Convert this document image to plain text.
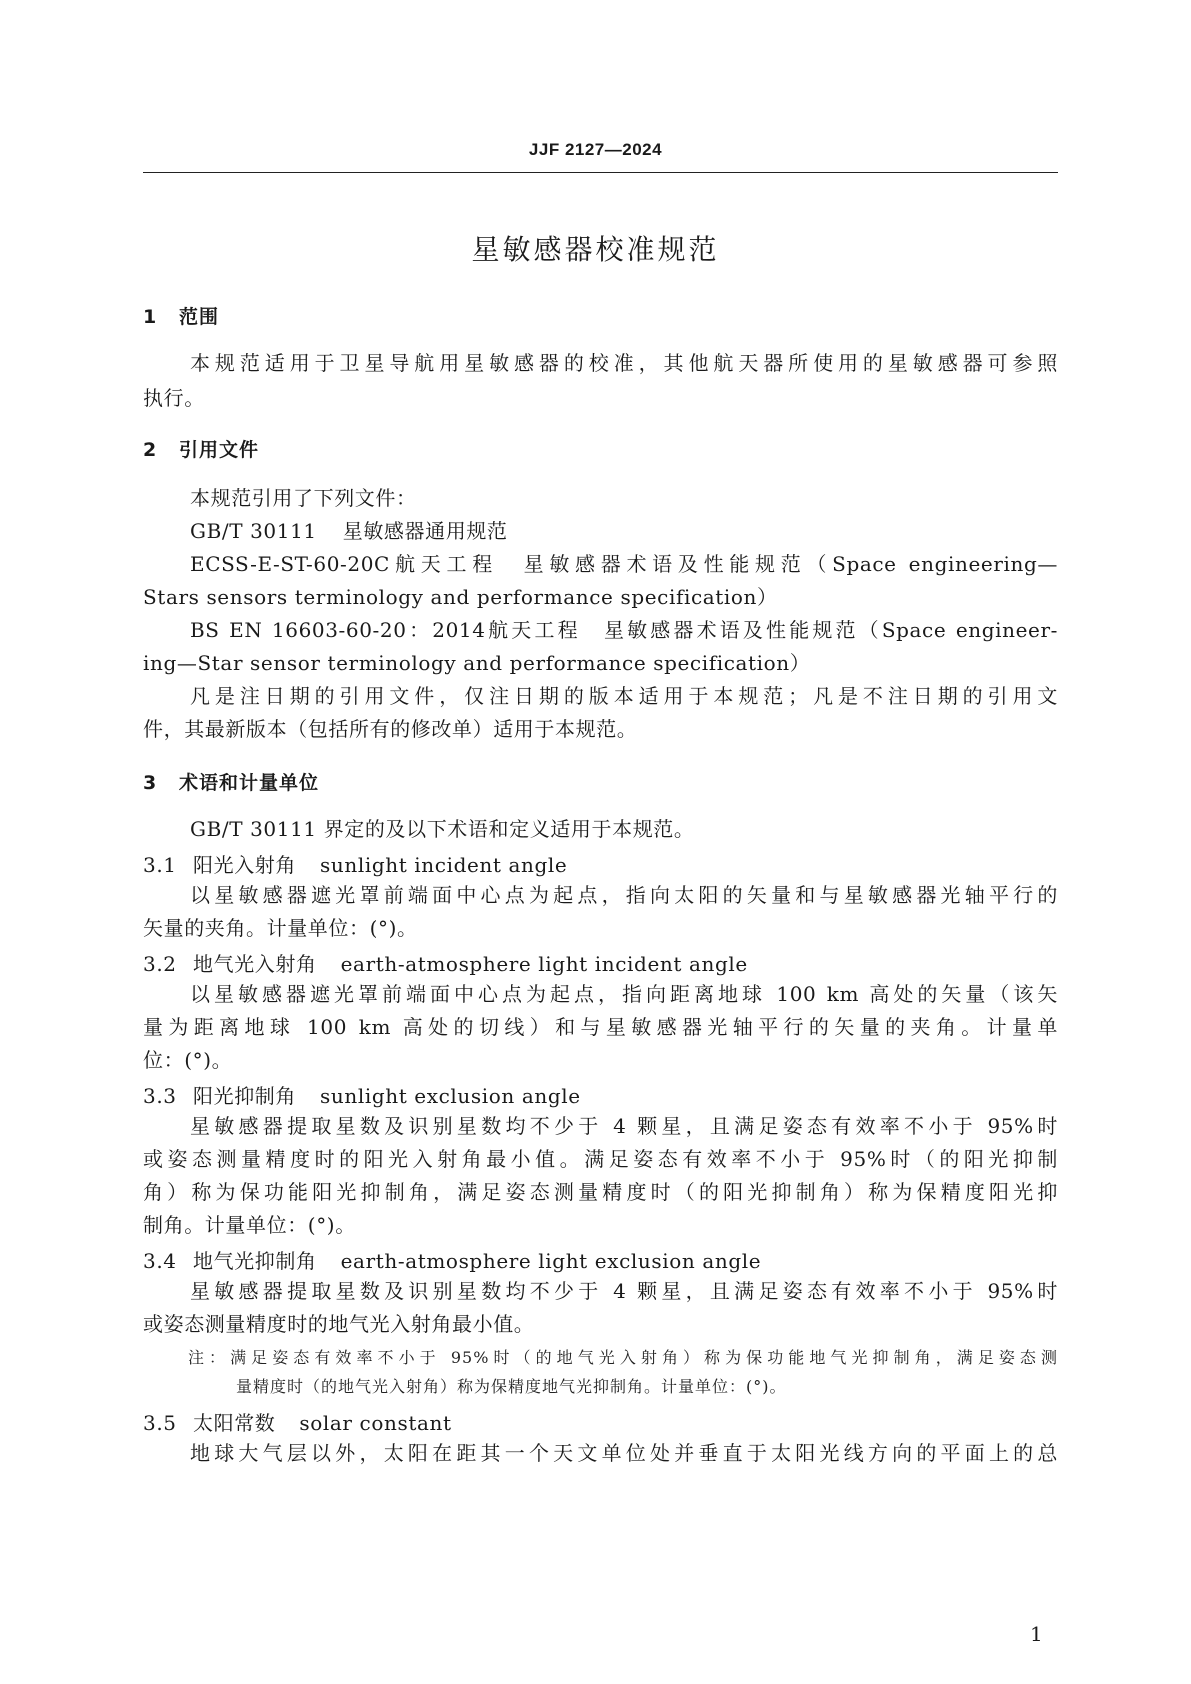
JJF 2127—2024
星敏感器校准规范
1 范围
本规范适用于卫星导航用星敏感器的校准，其他航天器所使用的星敏感器可参照
执行。
2 引用文件
本规范引用了下列文件：
GB/T 30111 星敏感器通用规范
ECSS-E-ST-60-20C航天工程　星敏感器术语及性能规范（Space engineering—
Stars sensors terminology and performance specification）
BS EN 16603-60-20：2014航天工程　星敏感器术语及性能规范（Space engineer-
ing—Star sensor terminology and performance specification）
凡是注日期的引用文件，仅注日期的版本适用于本规范；凡是不注日期的引用文
件，其最新版本（包括所有的修改单）适用于本规范。
3 术语和计量单位
GB/T 30111 界定的及以下术语和定义适用于本规范。
3.1 阳光入射角 sunlight incident angle
以星敏感器遮光罩前端面中心点为起点，指向太阳的矢量和与星敏感器光轴平行的
矢量的夹角。计量单位：(°)。
3.2 地气光入射角 earth-atmosphere light incident angle
以星敏感器遮光罩前端面中心点为起点，指向距离地球 100 km 高处的矢量（该矢
量为距离地球 100 km 高处的切线）和与星敏感器光轴平行的矢量的夹角。计量单
位：(°)。
3.3 阳光抑制角 sunlight exclusion angle
星敏感器提取星数及识别星数均不少于 4 颗星，且满足姿态有效率不小于 95%时
或姿态测量精度时的阳光入射角最小值。满足姿态有效率不小于 95%时（的阳光抑制
角）称为保功能阳光抑制角，满足姿态测量精度时（的阳光抑制角）称为保精度阳光抑
制角。计量单位：(°)。
3.4 地气光抑制角 earth-atmosphere light exclusion angle
星敏感器提取星数及识别星数均不少于 4 颗星，且满足姿态有效率不小于 95%时
或姿态测量精度时的地气光入射角最小值。
注：满足姿态有效率不小于 95%时（的地气光入射角）称为保功能地气光抑制角，满足姿态测
量精度时（的地气光入射角）称为保精度地气光抑制角。计量单位：(°)。
3.5 太阳常数 solar constant
地球大气层以外，太阳在距其一个天文单位处并垂直于太阳光线方向的平面上的总
1
